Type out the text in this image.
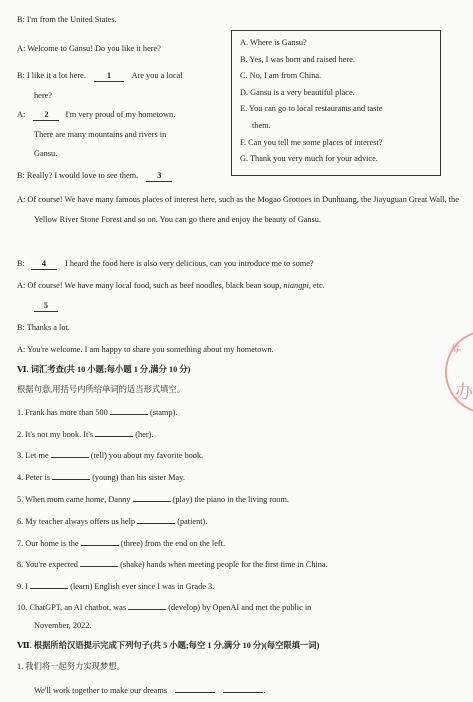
B: I'm from the United States.
A: Welcome to Gansu! Do you like it here?
B: I like it a lot here.	1 Are you a local
here?
A: 2 I'm very proud of my hometown.
There are many mountains and rivers in
Gansu.
B: Really? I would love to see them. 3
A. Where is Gansu?
B. Yes, I was born and raised here.
C. No, I am from China.
D. Gansu is a very beautiful place.
E. You can go to local restaurants and taste
them.
F. Can you tell me some places of interest?
G. Thank you very much for your advice.
A: Of course! We have many famous places of interest here, such as the Mogao Grottoes in Dunhuang, the Jiayuguan Great Wall, the Yellow River Stone Forest and so on. You can go there and enjoy the beauty of Gansu.
B: 4 I heard the food here is also very delicious, can you introduce me to some?
A: Of course! We have many local food, such as beef noodles, black bean soup, niangpi, etc.
5
B: Thanks a lot.
A: You're welcome. I am happy to share you something about my hometown.
Ⅵ. 词汇考查(共 10 小题;每小题 1 分,满分 10 分)
根据句意,用括号内所给单词的适当形式填空。
1. Frank has more than 500	(stamp).
2. It's not my book. It's	(her).
3. Let me	(tell) you about my favorite book.
4. Peter is	(young) than his sister May.
5. When mom came home, Danny	(play) the piano in the living room.
6. My teacher always offers us help	(patient).
7. Our home is the	(three) from the end on the left.
8. You're expected	(shake) hands when meeting people for the first time in China.
9. I	(learn) English ever since I was in Grade 3.
10. ChatGPT, an AI chatbot, was	(develop) by OpenAI and met the public in
November, 2022.
Ⅶ. 根据所给汉语提示完成下列句子(共 5 小题;每空 1 分,满分 10 分)(每空限填一词)
1. 我们将一起努力实现梦想。
We'll work together to make our dreams	.
委
办
